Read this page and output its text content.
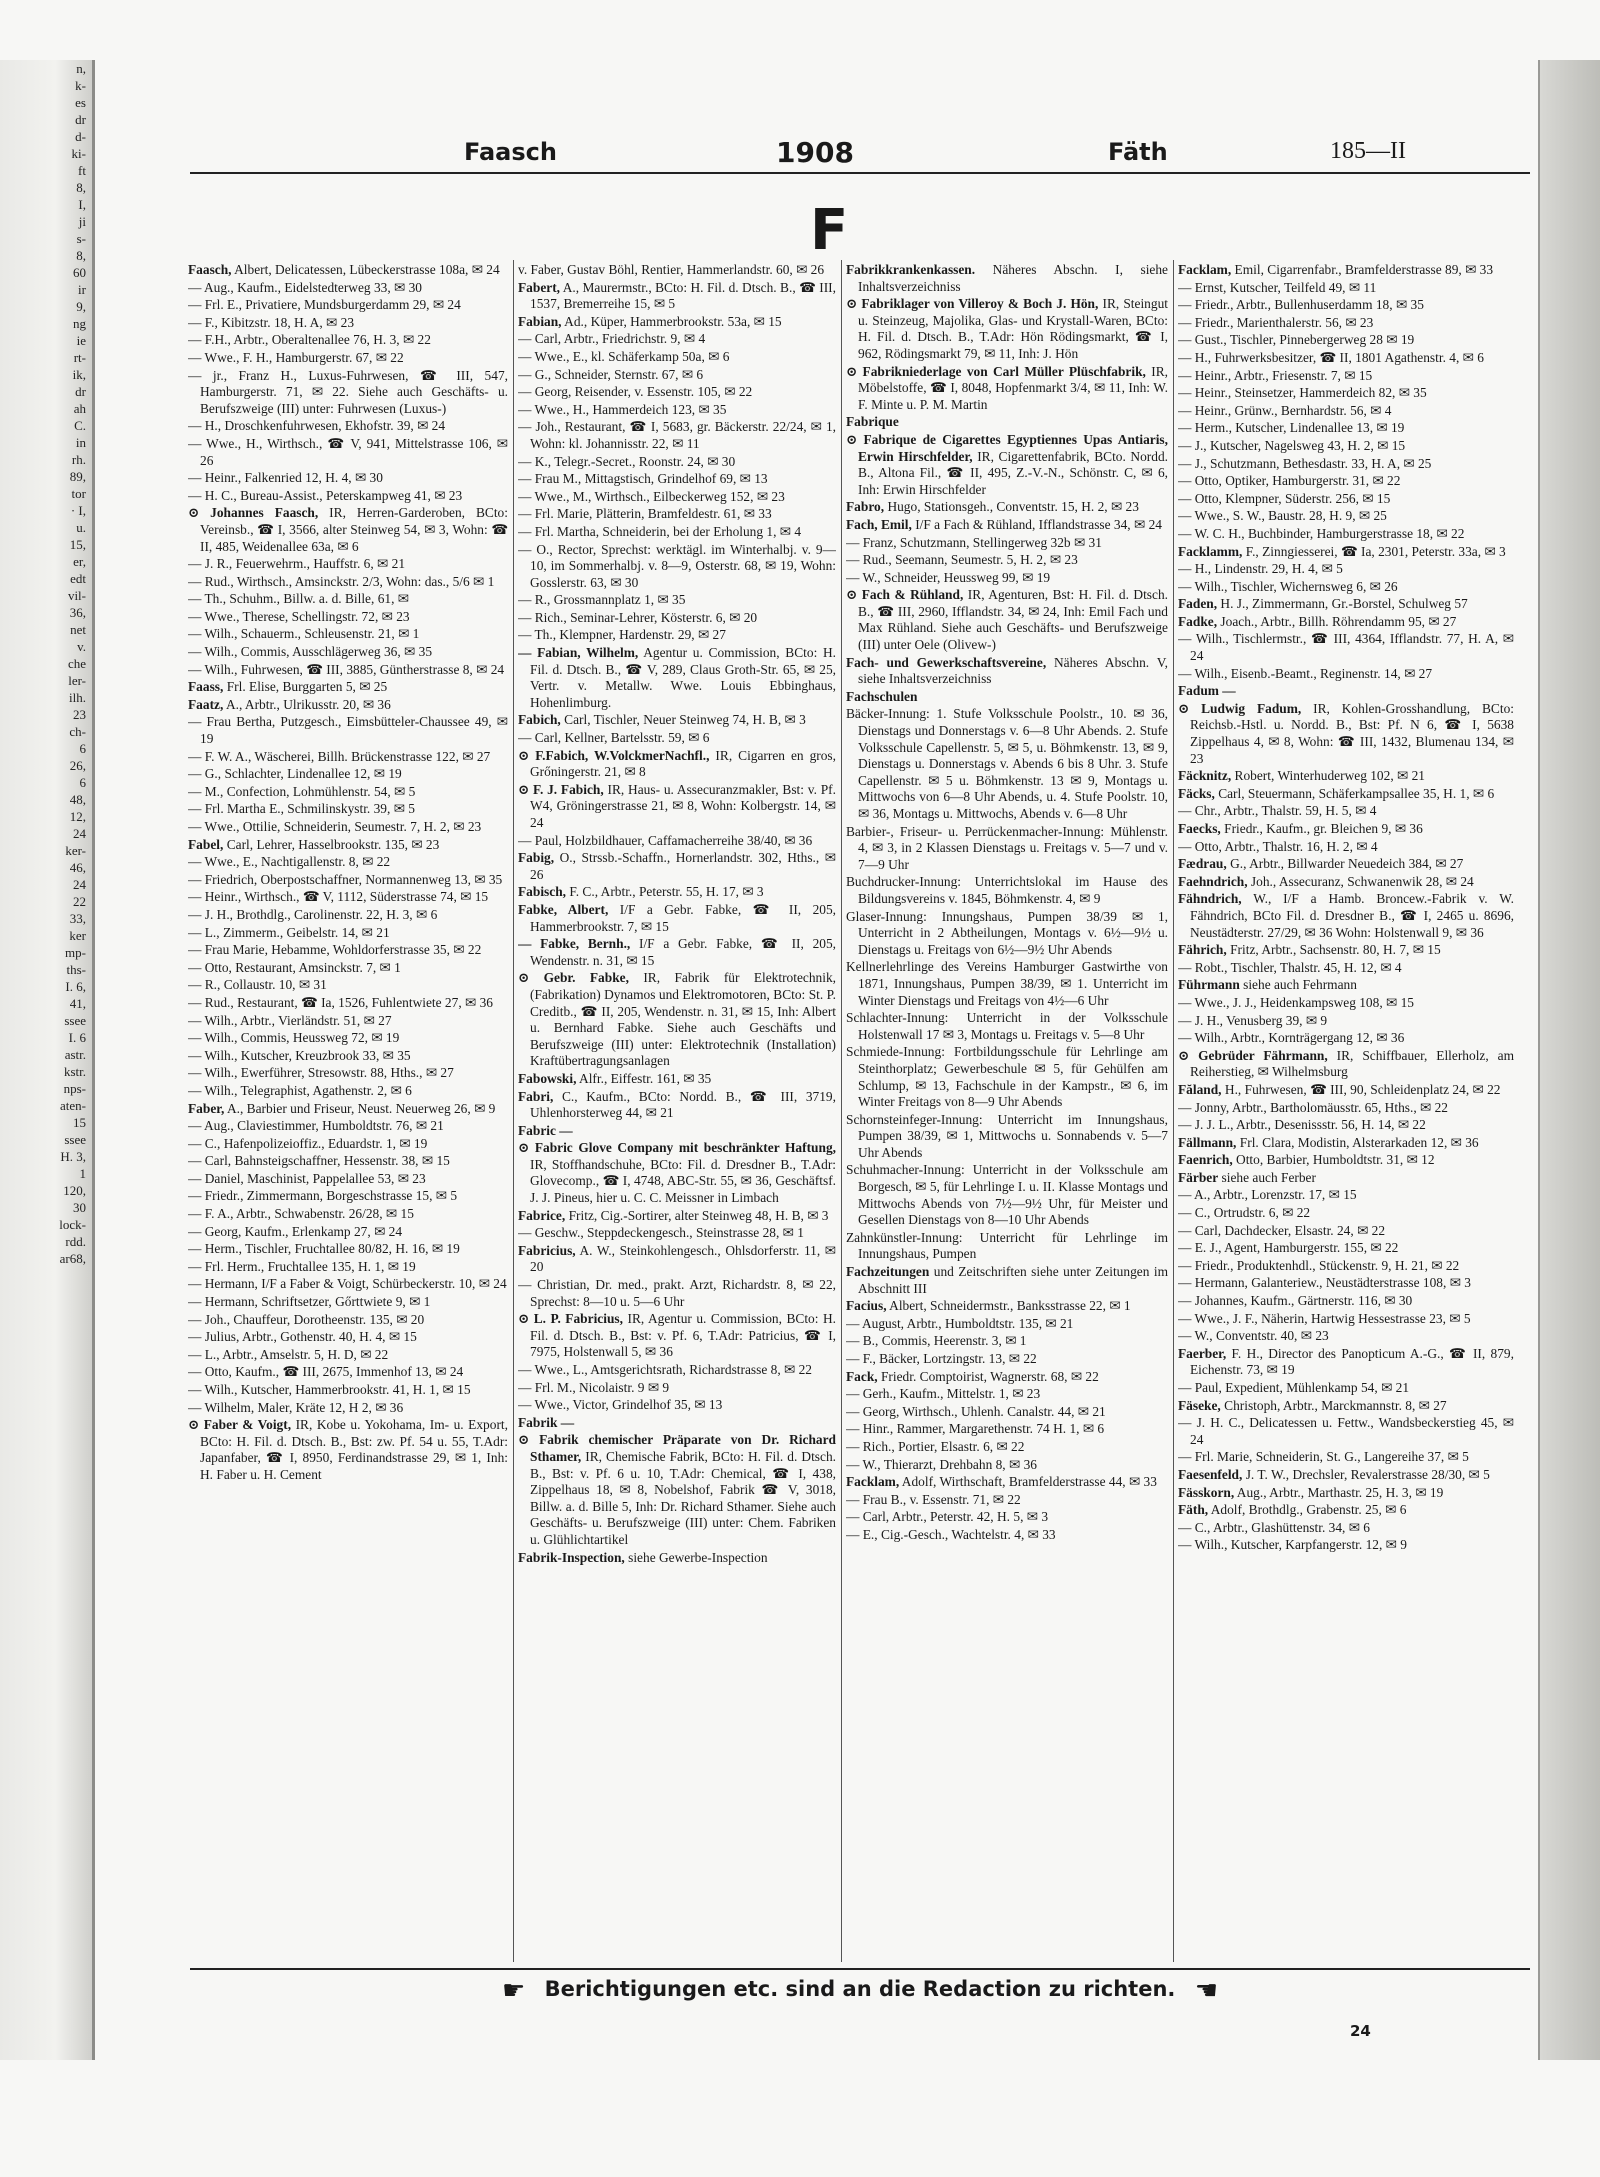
n,
k-
es
dr
d-
ki-
ft
8,
I,
ji
s-
8,
60
ir
9,
ng
ie
rt-
ik,
dr
ah
C.
in
rh.
89,
tor
· I,
u.
15,
er,
edt
vil-
36,
net
v.
che
ler-
ilh.
23
ch-
6
26,
6
48,
12,
24
ker-
46,
24
22
33,
ker
mp-
ths-
I. 6,
41,
ssee
I. 6
astr.
kstr.
nps-
aten-
15
ssee
H. 3,
1
120,
30
lock-
rdd.
ar68,
Faasch	1908	Fäth	185—II
F

Faasch, Albert, Delicatessen, Lübeckerstrasse 108a, ✉ 24

— Aug., Kaufm., Eidelstedterweg 33, ✉ 30

— Frl. E., Privatiere, Mundsburgerdamm 29, ✉ 24

— F., Kibitzstr. 18, H. A, ✉ 23

— F.H., Arbtr., Oberaltenallee 76, H. 3, ✉ 22

— Wwe., F. H., Hamburgerstr. 67, ✉ 22

— jr., Franz H., Luxus-Fuhrwesen, ☎ III, 547, Hamburgerstr. 71, ✉ 22. Siehe auch Geschäfts- u. Berufszweige (III) unter: Fuhrwesen (Luxus-)

— H., Droschkenfuhrwesen, Ekhofstr. 39, ✉ 24

— Wwe., H., Wirthsch., ☎ V, 941, Mittelstrasse 106, ✉ 26

— Heinr., Falkenried 12, H. 4, ✉ 30

— H. C., Bureau-Assist., Peterskampweg 41, ✉ 23

⊙ Johannes Faasch, IR, Herren-Garderoben, BCto: Vereinsb., ☎ I, 3566, alter Steinweg 54, ✉ 3, Wohn: ☎ II, 485, Weidenallee 63a, ✉ 6

— J. R., Feuerwehrm., Hauffstr. 6, ✉ 21

— Rud., Wirthsch., Amsinckstr. 2/3, Wohn: das., 5/6 ✉ 1

— Th., Schuhm., Billw. a. d. Bille, 61, ✉

— Wwe., Therese, Schellingstr. 72, ✉ 23

— Wilh., Schauerm., Schleusenstr. 21, ✉ 1

— Wilh., Commis, Ausschlägerweg 36, ✉ 35

— Wilh., Fuhrwesen, ☎ III, 3885, Güntherstrasse 8, ✉ 24

Faass, Frl. Elise, Burggarten 5, ✉ 25

Faatz, A., Arbtr., Ulrikusstr. 20, ✉ 36

— Frau Bertha, Putzgesch., Eimsbütteler-Chaussee 49, ✉ 19

— F. W. A., Wäscherei, Billh. Brückenstrasse 122, ✉ 27

— G., Schlachter, Lindenallee 12, ✉ 19

— M., Confection, Lohmühlenstr. 54, ✉ 5

— Frl. Martha E., Schmilinskystr. 39, ✉ 5

— Wwe., Ottilie, Schneiderin, Seumestr. 7, H. 2, ✉ 23

Fabel, Carl, Lehrer, Hasselbrookstr. 135, ✉ 23

— Wwe., E., Nachtigallenstr. 8, ✉ 22

— Friedrich, Oberpostschaffner, Normannenweg 13, ✉ 35

— Heinr., Wirthsch., ☎ V, 1112, Süderstrasse 74, ✉ 15

— J. H., Brothdlg., Carolinenstr. 22, H. 3, ✉ 6

— L., Zimmerm., Geibelstr. 14, ✉ 21

— Frau Marie, Hebamme, Wohldorferstrasse 35, ✉ 22

— Otto, Restaurant, Amsinckstr. 7, ✉ 1

— R., Collaustr. 10, ✉ 31

— Rud., Restaurant, ☎ Ia, 1526, Fuhlentwiete 27, ✉ 36

— Wilh., Arbtr., Vierländstr. 51, ✉ 27

— Wilh., Commis, Heussweg 72, ✉ 19

— Wilh., Kutscher, Kreuzbrook 33, ✉ 35

— Wilh., Ewerführer, Stresowstr. 88, Hths., ✉ 27

— Wilh., Telegraphist, Agathenstr. 2, ✉ 6

Faber, A., Barbier und Friseur, Neust. Neuerweg 26, ✉ 9

— Aug., Claviestimmer, Humboldtstr. 76, ✉ 21

— C., Hafenpolizeioffiz., Eduardstr. 1, ✉ 19

— Carl, Bahnsteigschaffner, Hessenstr. 38, ✉ 15

— Daniel, Maschinist, Pappelallee 53, ✉ 23

— Friedr., Zimmermann, Borgeschstrasse 15, ✉ 5

— F. A., Arbtr., Schwabenstr. 26/28, ✉ 15

— Georg, Kaufm., Erlenkamp 27, ✉ 24

— Herm., Tischler, Fruchtallee 80/82, H. 16, ✉ 19

— Frl. Herm., Fruchtallee 135, H. 1, ✉ 19

— Hermann, I/F a Faber & Voigt, Schürbeckerstr. 10, ✉ 24

— Hermann, Schriftsetzer, Gőrttwiete 9, ✉ 1

— Joh., Chauffeur, Dorotheenstr. 135, ✉ 20

— Julius, Arbtr., Gothenstr. 40, H. 4, ✉ 15

— L., Arbtr., Amselstr. 5, H. D, ✉ 22

— Otto, Kaufm., ☎ III, 2675, Immenhof 13, ✉ 24

— Wilh., Kutscher, Hammerbrookstr. 41, H. 1, ✉ 15

— Wilhelm, Maler, Kräte 12, H 2, ✉ 36

⊙ Faber & Voigt, IR, Kobe u. Yokohama, Im- u. Export, BCto: H. Fil. d. Dtsch. B., Bst: zw. Pf. 54 u. 55, T.Adr: Japanfaber, ☎ I, 8950, Ferdinandstrasse 29, ✉ 1, Inh: H. Faber u. H. Cement

v. Faber, Gustav Böhl, Rentier, Hammerlandstr. 60, ✉ 26

Fabert, A., Maurermstr., BCto: H. Fil. d. Dtsch. B., ☎ III, 1537, Bremerreihe 15, ✉ 5

Fabian, Ad., Küper, Hammerbrookstr. 53a, ✉ 15

— Carl, Arbtr., Friedrichstr. 9, ✉ 4

— Wwe., E., kl. Schäferkamp 50a, ✉ 6

— G., Schneider, Sternstr. 67, ✉ 6

— Georg, Reisender, v. Essenstr. 105, ✉ 22

— Wwe., H., Hammerdeich 123, ✉ 35

— Joh., Restaurant, ☎ I, 5683, gr. Bäckerstr. 22/24, ✉ 1, Wohn: kl. Johannisstr. 22, ✉ 11

— K., Telegr.-Secret., Roonstr. 24, ✉ 30

— Frau M., Mittagstisch, Grindelhof 69, ✉ 13

— Wwe., M., Wirthsch., Eilbeckerweg 152, ✉ 23

— Frl. Marie, Plätterin, Bramfeldestr. 61, ✉ 33

— Frl. Martha, Schneiderin, bei der Erholung 1, ✉ 4

— O., Rector, Sprechst: werktägl. im Winterhalbj. v. 9—10, im Sommerhalbj. v. 8—9, Osterstr. 68, ✉ 19, Wohn: Gosslerstr. 63, ✉ 30

— R., Grossmannplatz 1, ✉ 35

— Rich., Seminar-Lehrer, Kösterstr. 6, ✉ 20

— Th., Klempner, Hardenstr. 29, ✉ 27

— Fabian, Wilhelm, Agentur u. Commission, BCto: H. Fil. d. Dtsch. B., ☎ V, 289, Claus Groth-Str. 65, ✉ 25, Vertr. v. Metallw. Wwe. Louis Ebbinghaus, Hohenlimburg.

Fabich, Carl, Tischler, Neuer Steinweg 74, H. B, ✉ 3

— Carl, Kellner, Bartelsstr. 59, ✉ 6

⊙ F.Fabich, W.VolckmerNachfl., IR, Cigarren en gros, Grőningerstr. 21, ✉ 8

⊙ F. J. Fabich, IR, Haus- u. Assecuranzmakler, Bst: v. Pf. W4, Gröningerstrasse 21, ✉ 8, Wohn: Kolbergstr. 14, ✉ 24

— Paul, Holzbildhauer, Caffamacherreihe 38/40, ✉ 36

Fabig, O., Strssb.-Schaffn., Hornerlandstr. 302, Hths., ✉ 26

Fabisch, F. C., Arbtr., Peterstr. 55, H. 17, ✉ 3

Fabke, Albert, I/F a Gebr. Fabke, ☎ II, 205, Hammerbrookstr. 7, ✉ 15

— Fabke, Bernh., I/F a Gebr. Fabke, ☎ II, 205, Wendenstr. n. 31, ✉ 15

⊙ Gebr. Fabke, IR, Fabrik für Elektrotechnik, (Fabrikation) Dynamos und Elektromotoren, BCto: St. P. Creditb., ☎ II, 205, Wendenstr. n. 31, ✉ 15, Inh: Albert u. Bernhard Fabke. Siehe auch Geschäfts und Berufszweige (III) unter: Elektrotechnik (Installation) Kraftübertragungsanlagen

Fabowski, Alfr., Eiffestr. 161, ✉ 35

Fabri, C., Kaufm., BCto: Nordd. B., ☎ III, 3719, Uhlenhorsterweg 44, ✉ 21

Fabric —

⊙ Fabric Glove Company mit beschränkter Haftung, IR, Stoffhandschuhe, BCto: Fil. d. Dresdner B., T.Adr: Glovecomp., ☎ I, 4748, ABC-Str. 55, ✉ 36, Geschäftsf. J. J. Pineus, hier u. C. C. Meissner in Limbach

Fabrice, Fritz, Cig.-Sortirer, alter Steinweg 48, H. B, ✉ 3

— Geschw., Steppdeckengesch., Steinstrasse 28, ✉ 1

Fabricius, A. W., Steinkohlengesch., Ohlsdorferstr. 11, ✉ 20

— Christian, Dr. med., prakt. Arzt, Richardstr. 8, ✉ 22, Sprechst: 8—10 u. 5—6 Uhr

⊙ L. P. Fabricius, IR, Agentur u. Commission, BCto: H. Fil. d. Dtsch. B., Bst: v. Pf. 6, T.Adr: Patricius, ☎ I, 7975, Holstenwall 5, ✉ 36

— Wwe., L., Amtsgerichtsrath, Richardstrasse 8, ✉ 22

— Frl. M., Nicolaistr. 9 ✉ 9

— Wwe., Victor, Grindelhof 35, ✉ 13

Fabrik —

⊙ Fabrik chemischer Präparate von Dr. Richard Sthamer, IR, Chemische Fabrik, BCto: H. Fil. d. Dtsch. B., Bst: v. Pf. 6 u. 10, T.Adr: Chemical, ☎ I, 438, Zippelhaus 18, ✉ 8, Nobelshof, Fabrik ☎ V, 3018, Billw. a. d. Bille 5, Inh: Dr. Richard Sthamer. Siehe auch Geschäfts- u. Berufszweige (III) unter: Chem. Fabriken u. Glühlichtartikel

Fabrik-Inspection, siehe Gewerbe-Inspection

Fabrikkrankenkassen. Näheres Abschn. I, siehe Inhaltsverzeichniss

⊙ Fabriklager von Villeroy & Boch J. Hön, IR, Steingut u. Steinzeug, Majolika, Glas- und Krystall-Waren, BCto: H. Fil. d. Dtsch. B., T.Adr: Hön Rödingsmarkt, ☎ I, 962, Rödingsmarkt 79, ✉ 11, Inh: J. Hön

⊙ Fabrikniederlage von Carl Müller Plüschfabrik, IR, Möbelstoffe, ☎ I, 8048, Hopfenmarkt 3/4, ✉ 11, Inh: W. F. Minte u. P. M. Martin

Fabrique

⊙ Fabrique de Cigarettes Egyptiennes Upas Antiaris, Erwin Hirschfelder, IR, Cigarettenfabrik, BCto. Nordd. B., Altona Fil., ☎ II, 495, Z.-V.-N., Schönstr. C, ✉ 6, Inh: Erwin Hirschfelder

Fabro, Hugo, Stationsgeh., Conventstr. 15, H. 2, ✉ 23

Fach, Emil, I/F a Fach & Rühland, Ifflandstrasse 34, ✉ 24

— Franz, Schutzmann, Stellingerweg 32b ✉ 31

— Rud., Seemann, Seumestr. 5, H. 2, ✉ 23

— W., Schneider, Heussweg 99, ✉ 19

⊙ Fach & Rühland, IR, Agenturen, Bst: H. Fil. d. Dtsch. B., ☎ III, 2960, Ifflandstr. 34, ✉ 24, Inh: Emil Fach und Max Rühland. Siehe auch Geschäfts- und Berufszweige (III) unter Oele (Olivew-)

Fach- und Gewerkschaftsvereine, Näheres Abschn. V, siehe Inhaltsverzeichniss

Fachschulen

Bäcker-Innung: 1. Stufe Volksschule Poolstr., 10. ✉ 36, Dienstags und Donnerstags v. 6—8 Uhr Abends. 2. Stufe Volksschule Capellenstr. 5, ✉ 5, u. Böhmkenstr. 13, ✉ 9, Dienstags u. Donnerstags v. Abends 6 bis 8 Uhr. 3. Stufe Capellenstr. ✉ 5 u. Böhmkenstr. 13 ✉ 9, Montags u. Mittwochs von 6—8 Uhr Abends, u. 4. Stufe Poolstr. 10, ✉ 36, Montags u. Mittwochs, Abends v. 6—8 Uhr

Barbier-, Friseur- u. Perrückenmacher-Innung: Mühlenstr. 4, ✉ 3, in 2 Klassen Dienstags u. Freitags v. 5—7 und v. 7—9 Uhr

Buchdrucker-Innung: Unterrichtslokal im Hause des Bildungsvereins v. 1845, Böhmkenstr. 4, ✉ 9

Glaser-Innung: Innungshaus, Pumpen 38/39 ✉ 1, Unterricht in 2 Abtheilungen, Montags v. 6½—9½ u. Dienstags u. Freitags von 6½—9½ Uhr Abends

Kellnerlehrlinge des Vereins Hamburger Gastwirthe von 1871, Innungshaus, Pumpen 38/39, ✉ 1. Unterricht im Winter Dienstags und Freitags von 4½—6 Uhr

Schlachter-Innung: Unterricht in der Volksschule Holstenwall 17 ✉ 3, Montags u. Freitags v. 5—8 Uhr

Schmiede-Innung: Fortbildungsschule für Lehrlinge am Steinthorplatz; Gewerbeschule ✉ 5, für Gehülfen am Schlump, ✉ 13, Fachschule in der Kampstr., ✉ 6, im Winter Freitags von 8—9 Uhr Abends

Schornsteinfeger-Innung: Unterricht im Innungshaus, Pumpen 38/39, ✉ 1, Mittwochs u. Sonnabends v. 5—7 Uhr Abends

Schuhmacher-Innung: Unterricht in der Volksschule am Borgesch, ✉ 5, für Lehrlinge I. u. II. Klasse Montags und Mittwochs Abends von 7½—9½ Uhr, für Meister und Gesellen Dienstags von 8—10 Uhr Abends

Zahnkünstler-Innung: Unterricht für Lehrlinge im Innungshaus, Pumpen

Fachzeitungen und Zeitschriften siehe unter Zeitungen im Abschnitt III

Facius, Albert, Schneidermstr., Banksstrasse 22, ✉ 1

— August, Arbtr., Humboldtstr. 135, ✉ 21

— B., Commis, Heerenstr. 3, ✉ 1

— F., Bäcker, Lortzingstr. 13, ✉ 22

Fack, Friedr. Comptoirist, Wagnerstr. 68, ✉ 22

— Gerh., Kaufm., Mittelstr. 1, ✉ 23

— Georg, Wirthsch., Uhlenh. Canalstr. 44, ✉ 21

— Hinr., Rammer, Margarethenstr. 74 H. 1, ✉ 6

— Rich., Portier, Elsastr. 6, ✉ 22

— W., Thierarzt, Drehbahn 8, ✉ 36

Facklam, Adolf, Wirthschaft, Bramfelderstrasse 44, ✉ 33

— Frau B., v. Essenstr. 71, ✉ 22

— Carl, Arbtr., Peterstr. 42, H. 5, ✉ 3

— E., Cig.-Gesch., Wachtelstr. 4, ✉ 33

Facklam, Emil, Cigarrenfabr., Bramfelderstrasse 89, ✉ 33

— Ernst, Kutscher, Teilfeld 49, ✉ 11

— Friedr., Arbtr., Bullenhuserdamm 18, ✉ 35

— Friedr., Marienthalerstr. 56, ✉ 23

— Gust., Tischler, Pinnebergerweg 28 ✉ 19

— H., Fuhrwerksbesitzer, ☎ II, 1801 Agathenstr. 4, ✉ 6

— Heinr., Arbtr., Friesenstr. 7, ✉ 15

— Heinr., Steinsetzer, Hammerdeich 82, ✉ 35

— Heinr., Grünw., Bernhardstr. 56, ✉ 4

— Herm., Kutscher, Lindenallee 13, ✉ 19

— J., Kutscher, Nagelsweg 43, H. 2, ✉ 15

— J., Schutzmann, Bethesdastr. 33, H. A, ✉ 25

— Otto, Optiker, Hamburgerstr. 31, ✉ 22

— Otto, Klempner, Süderstr. 256, ✉ 15

— Wwe., S. W., Baustr. 28, H. 9, ✉ 25

— W. C. H., Buchbinder, Hamburgerstrasse 18, ✉ 22

Facklamm, F., Zinngiesserei, ☎ Ia, 2301, Peterstr. 33a, ✉ 3

— H., Lindenstr. 29, H. 4, ✉ 5

— Wilh., Tischler, Wichernsweg 6, ✉ 26

Faden, H. J., Zimmermann, Gr.-Borstel, Schulweg 57

Fadke, Joach., Arbtr., Billh. Röhrendamm 95, ✉ 27

— Wilh., Tischlermstr., ☎ III, 4364, Ifflandstr. 77, H. A, ✉ 24

— Wilh., Eisenb.-Beamt., Reginenstr. 14, ✉ 27

Fadum —

⊙ Ludwig Fadum, IR, Kohlen-Grosshandlung, BCto: Reichsb.-Hstl. u. Nordd. B., Bst: Pf. N 6, ☎ I, 5638 Zippelhaus 4, ✉ 8, Wohn: ☎ III, 1432, Blumenau 134, ✉ 23

Fäcknitz, Robert, Winterhuderweg 102, ✉ 21

Fäcks, Carl, Steuermann, Schäferkampsallee 35, H. 1, ✉ 6

— Chr., Arbtr., Thalstr. 59, H. 5, ✉ 4

Faecks, Friedr., Kaufm., gr. Bleichen 9, ✉ 36

— Otto, Arbtr., Thalstr. 16, H. 2, ✉ 4

Fædrau, G., Arbtr., Billwarder Neuedeich 384, ✉ 27

Faehndrich, Joh., Assecuranz, Schwanenwik 28, ✉ 24

Fähndrich, W., I/F a Hamb. Broncew.-Fabrik v. W. Fähndrich, BCto Fil. d. Dresdner B., ☎ I, 2465 u. 8696, Neustädterstr. 27/29, ✉ 36 Wohn: Holstenwall 9, ✉ 36

Fährich, Fritz, Arbtr., Sachsenstr. 80, H. 7, ✉ 15

— Robt., Tischler, Thalstr. 45, H. 12, ✉ 4

Führmann siehe auch Fehrmann

— Wwe., J. J., Heidenkampsweg 108, ✉ 15

— J. H., Venusberg 39, ✉ 9

— Wilh., Arbtr., Kornträgergang 12, ✉ 36

⊙ Gebrüder Fährmann, IR, Schiffbauer, Ellerholz, am Reiherstieg, ✉ Wilhelmsburg

Făland, H., Fuhrwesen, ☎ III, 90, Schleidenplatz 24, ✉ 22

— Jonny, Arbtr., Bartholomäusstr. 65, Hths., ✉ 22

— J. J. L., Arbtr., Desenissstr. 56, H. 14, ✉ 22

Fällmann, Frl. Clara, Modistin, Alsterarkaden 12, ✉ 36

Faenrich, Otto, Barbier, Humboldtstr. 31, ✉ 12

Färber siehe auch Ferber

— A., Arbtr., Lorenzstr. 17, ✉ 15

— C., Ortrudstr. 6, ✉ 22

— Carl, Dachdecker, Elsastr. 24, ✉ 22

— E. J., Agent, Hamburgerstr. 155, ✉ 22

— Friedr., Produktenhdl., Stückenstr. 9, H. 21, ✉ 22

— Hermann, Galanteriew., Neustädterstrasse 108, ✉ 3

— Johannes, Kaufm., Gärtnerstr. 116, ✉ 30

— Wwe., J. F., Näherin, Hartwig Hessestrasse 23, ✉ 5

— W., Conventstr. 40, ✉ 23

Faerber, F. H., Director des Panopticum A.-G., ☎ II, 879, Eichenstr. 73, ✉ 19

— Paul, Expedient, Mühlenkamp 54, ✉ 21

Fäseke, Christoph, Arbtr., Marckmannstr. 8, ✉ 27

— J. H. C., Delicatessen u. Fettw., Wandsbeckerstieg 45, ✉ 24

— Frl. Marie, Schneiderin, St. G., Langereihe 37, ✉ 5

Faesenfeld, J. T. W., Drechsler, Revalerstrasse 28/30, ✉ 5

Fässkorn, Aug., Arbtr., Marthastr. 25, H. 3, ✉ 19

Fäth, Adolf, Brothdlg., Grabenstr. 25, ✉ 6

— C., Arbtr., Glashüttenstr. 34, ✉ 6

— Wilh., Kutscher, Karpfangerstr. 12, ✉ 9

☛ Berichtigungen etc. sind an die Redaction zu richten. ☚
24
